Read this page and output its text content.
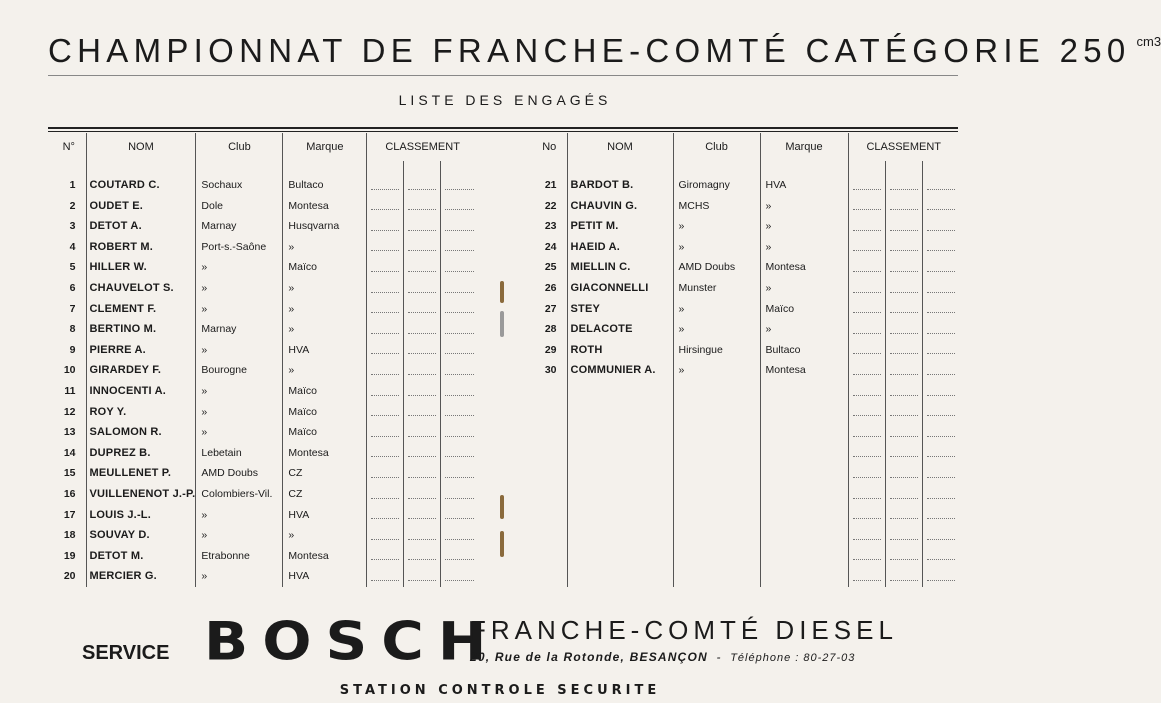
CHAMPIONNAT DE FRANCHE-COMTÉ CATÉGORIE 250 $^{cm3}$
LISTE DES ENGAGÉS
N°	NOM	Club	Marque	CLASSEMENT		

1	COUTARD C.	Sochaux	Bultaco			
2	OUDET E.	Dole	Montesa			
3	DETOT A.	Marnay	Husqvarna			
4	ROBERT M.	Port-s.-Saône	»			
5	HILLER W.	»	Maïco			
6	CHAUVELOT S.	»	»			
7	CLEMENT F.	»	»			
8	BERTINO M.	Marnay	»			
9	PIERRE A.	»	HVA			
10	GIRARDEY F.	Bourogne	»			
11	INNOCENTI A.	»	Maïco			
12	ROY Y.	»	Maïco			
13	SALOMON R.	»	Maïco			
14	DUPREZ B.	Lebetain	Montesa			
15	MEULLENET P.	AMD Doubs	CZ			
16	VUILLENENOT J.-P.	Colombiers-Vil.	CZ			
17	LOUIS J.-L.	»	HVA			
18	SOUVAY D.	»	»			
19	DETOT M.	Etrabonne	Montesa			
20	MERCIER G.	»	HVA			
No	NOM	Club	Marque	CLASSEMENT		

21	BARDOT B.	Giromagny	HVA			
22	CHAUVIN G.	MCHS	»			
23	PETIT M.	»	»			
24	HAEID A.	»	»			
25	MIELLIN C.	AMD Doubs	Montesa			
26	GIACONNELLI	Munster	»			
27	STEY	»	Maïco			
28	DELACOTE	»	»			
29	ROTH	Hirsingue	Bultaco			
30	COMMUNIER A.	»	Montesa			

SERVICE BOSCH
FRANCHE-COMTÉ DIESEL
20, Rue de la Rotonde, BESANÇON - Téléphone : 80-27-03
STATION CONTROLE SECURITE
